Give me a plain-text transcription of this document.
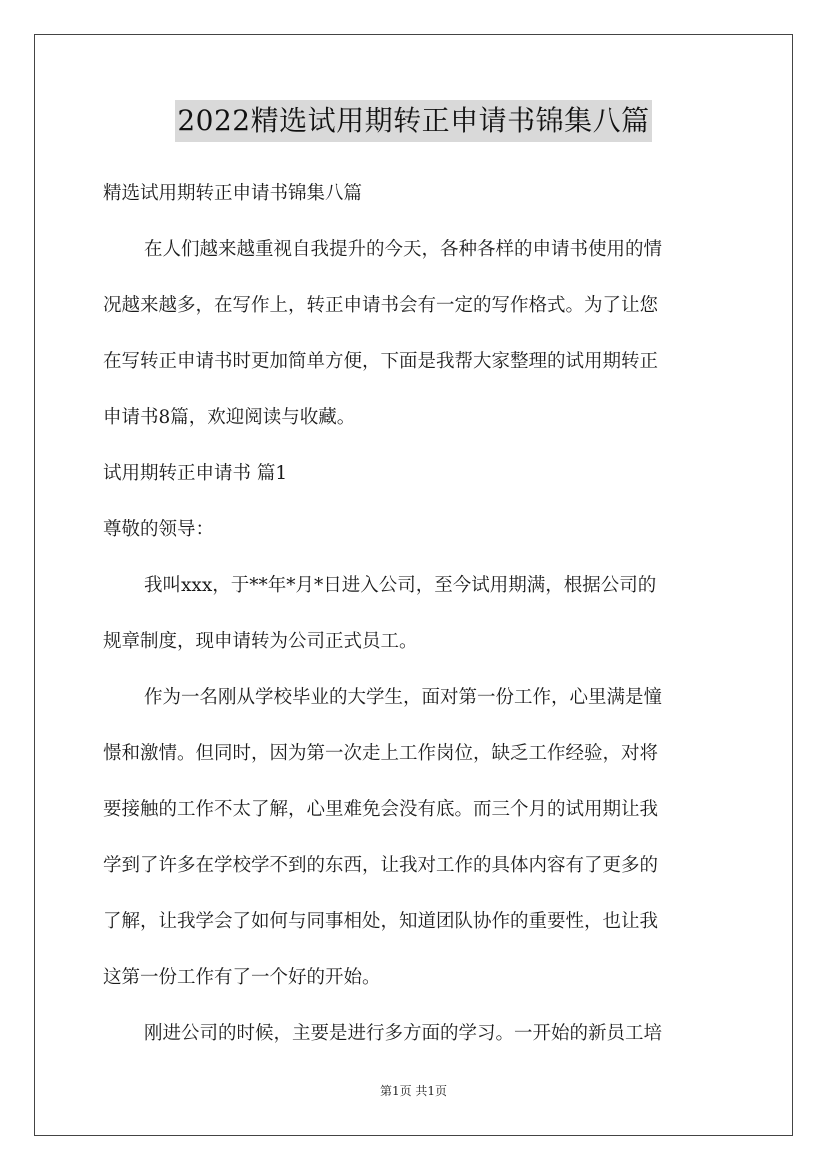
2022精选试用期转正申请书锦集八篇
精选试用期转正申请书锦集八篇
在人们越来越重视自我提升的今天，各种各样的申请书使用的情
况越来越多，在写作上，转正申请书会有一定的写作格式。为了让您
在写转正申请书时更加简单方便，下面是我帮大家整理的试用期转正
申请书8篇，欢迎阅读与收藏。
试用期转正申请书 篇1
尊敬的领导：
我叫xxx，于**年*月*日进入公司，至今试用期满，根据公司的
规章制度，现申请转为公司正式员工。
作为一名刚从学校毕业的大学生，面对第一份工作，心里满是憧
憬和激情。但同时，因为第一次走上工作岗位，缺乏工作经验，对将
要接触的工作不太了解，心里难免会没有底。而三个月的试用期让我
学到了许多在学校学不到的东西，让我对工作的具体内容有了更多的
了解，让我学会了如何与同事相处，知道团队协作的重要性，也让我
这第一份工作有了一个好的开始。
刚进公司的时候，主要是进行多方面的学习。一开始的新员工培
第1页 共1页
